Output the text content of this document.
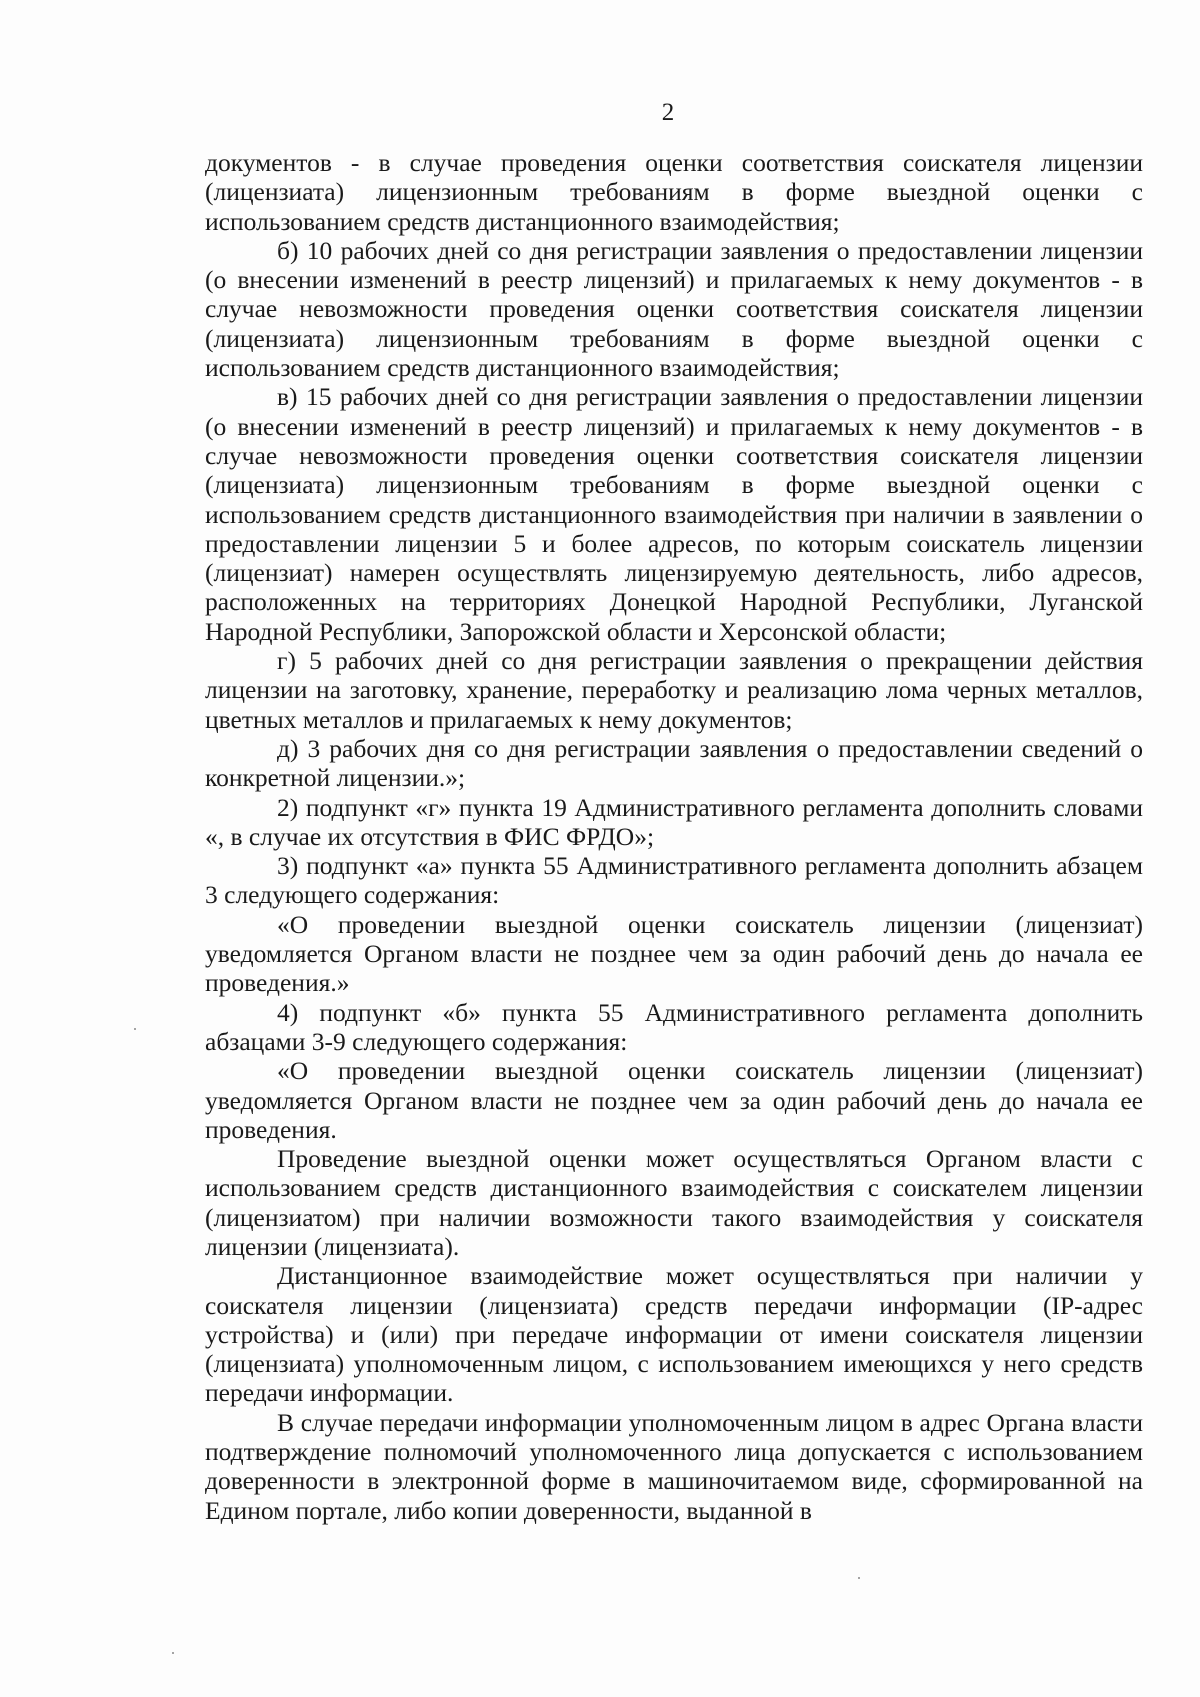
2

документов - в случае проведения оценки соответствия соискателя лицензии (лицензиата) лицензионным требованиям в форме выездной оценки с использованием средств дистанционного взаимодействия;

б) 10 рабочих дней со дня регистрации заявления о предоставлении лицензии (о внесении изменений в реестр лицензий) и прилагаемых к нему документов - в случае невозможности проведения оценки соответствия соискателя лицензии (лицензиата) лицензионным требованиям в форме выездной оценки с использованием средств дистанционного взаимодействия;

в) 15 рабочих дней со дня регистрации заявления о предоставлении лицензии (о внесении изменений в реестр лицензий) и прилагаемых к нему документов - в случае невозможности проведения оценки соответствия соискателя лицензии (лицензиата) лицензионным требованиям в форме выездной оценки с использованием средств дистанционного взаимодействия при наличии в заявлении о предоставлении лицензии 5 и более адресов, по которым соискатель лицензии (лицензиат) намерен осуществлять лицензируемую деятельность, либо адресов, расположенных на территориях Донецкой Народной Республики, Луганской Народной Республики, Запорожской области и Херсонской области;

г) 5 рабочих дней со дня регистрации заявления о прекращении действия лицензии на заготовку, хранение, переработку и реализацию лома черных металлов, цветных металлов и прилагаемых к нему документов;

д) 3 рабочих дня со дня регистрации заявления о предоставлении сведений о конкретной лицензии.»;

2) подпункт «г» пункта 19 Административного регламента дополнить словами «, в случае их отсутствия в ФИС ФРДО»;

3) подпункт «а» пункта 55 Административного регламента дополнить абзацем 3 следующего содержания:

«О проведении выездной оценки соискатель лицензии (лицензиат) уведомляется Органом власти не позднее чем за один рабочий день до начала ее проведения.»

4) подпункт «б» пункта 55 Административного регламента дополнить абзацами 3-9 следующего содержания:

«О проведении выездной оценки соискатель лицензии (лицензиат) уведомляется Органом власти не позднее чем за один рабочий день до начала ее проведения.

Проведение выездной оценки может осуществляться Органом власти с использованием средств дистанционного взаимодействия с соискателем лицензии (лицензиатом) при наличии возможности такого взаимодействия у соискателя лицензии (лицензиата).

Дистанционное взаимодействие может осуществляться при наличии у соискателя лицензии (лицензиата) средств передачи информации (IP-адрес устройства) и (или) при передаче информации от имени соискателя лицензии (лицензиата) уполномоченным лицом, с использованием имеющихся у него средств передачи информации.

В случае передачи информации уполномоченным лицом в адрес Органа власти подтверждение полномочий уполномоченного лица допускается с использованием доверенности в электронной форме в машиночитаемом виде, сформированной на Едином портале, либо копии доверенности, выданной в
